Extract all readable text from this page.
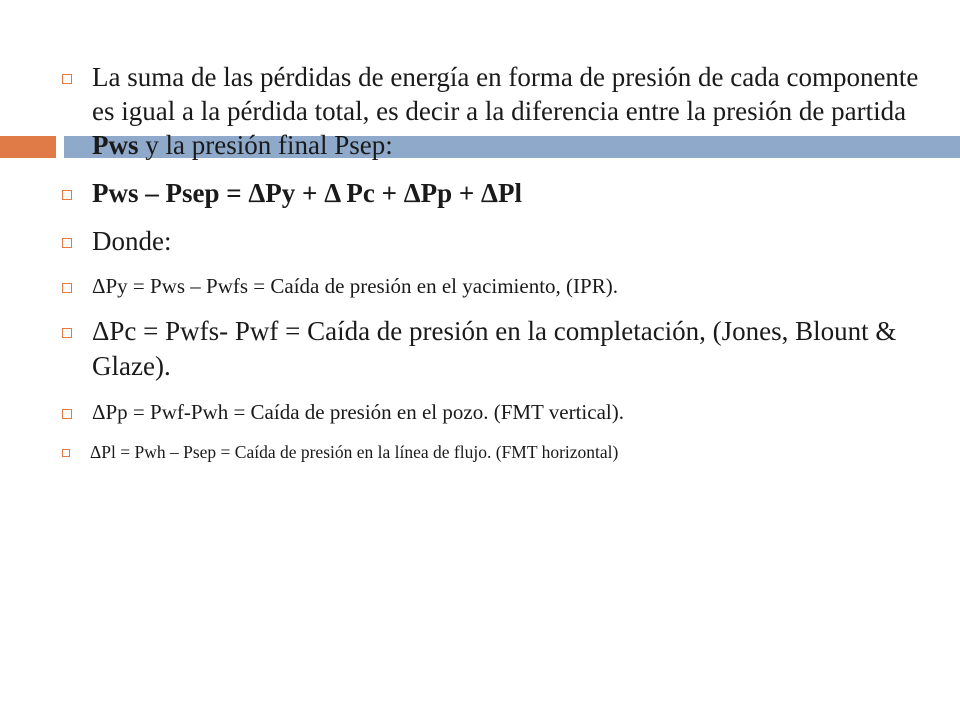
La suma de las pérdidas de energía en forma de presión de cada componente es igual a la pérdida total, es decir a la diferencia entre la presión de partida Pws y la presión final Psep:
Pws – Psep = ΔPy + Δ Pc + ΔPp + ΔPl
Donde:
ΔPy = Pws – Pwfs = Caída de presión en el yacimiento, (IPR).
ΔPc = Pwfs- Pwf = Caída de presión en la completación, (Jones, Blount & Glaze).
ΔPp = Pwf-Pwh = Caída de presión en el pozo. (FMT vertical).
ΔPl = Pwh – Psep = Caída de presión en la línea de flujo. (FMT horizontal)
